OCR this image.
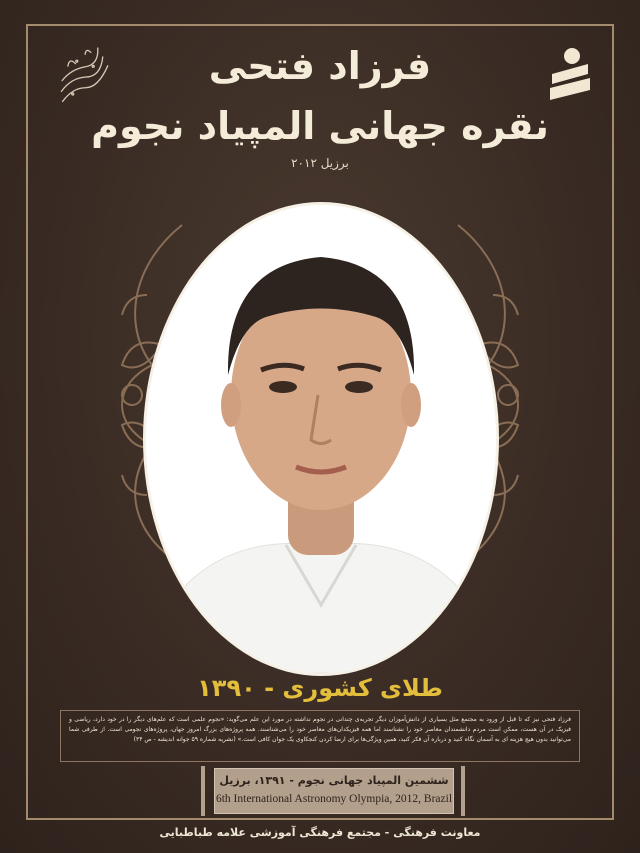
فرزاد فتحی
نقره جهانی المپیاد نجوم
برزیل ۲۰۱۲
طلای کشوری - ۱۳۹۰
فرزاد فتحی نیز که تا قبل از ورود به مجتمع مثل بسیاری از دانش‌آموزان دیگر تجربه‌ی چندانی در نجوم نداشته در مورد این علم می‌گوید: «نجوم علمی است که علم‌های دیگر را در خود دارد، ریاضی و فیزیک در آن هست، ممکن است مردم دانشمندان معاصر خود را نشناسند اما همه فیزیکدان‌های معاصر خود را می‌شناسند. همه پروژه‌های بزرگ امروز جهان، پروژه‌های نجومی است. از طرفی شما می‌توانید بدون هیچ هزینه ای به آسمان نگاه کنید و درباره آن فکر کنید، همین ویژگی‌ها برای ارضا کردن کنجکاوی یک جوان کافی است.» (نشریه شماره ۵۹ جوانه اندیشه - ص ۳۴)
ششمین المپیاد جهانی نجوم - ۱۳۹۱، برزیل
6th International Astronomy Olympia, 2012, Brazil
معاونت فرهنگی - مجتمع فرهنگی آموزشی علامه طباطبایی
